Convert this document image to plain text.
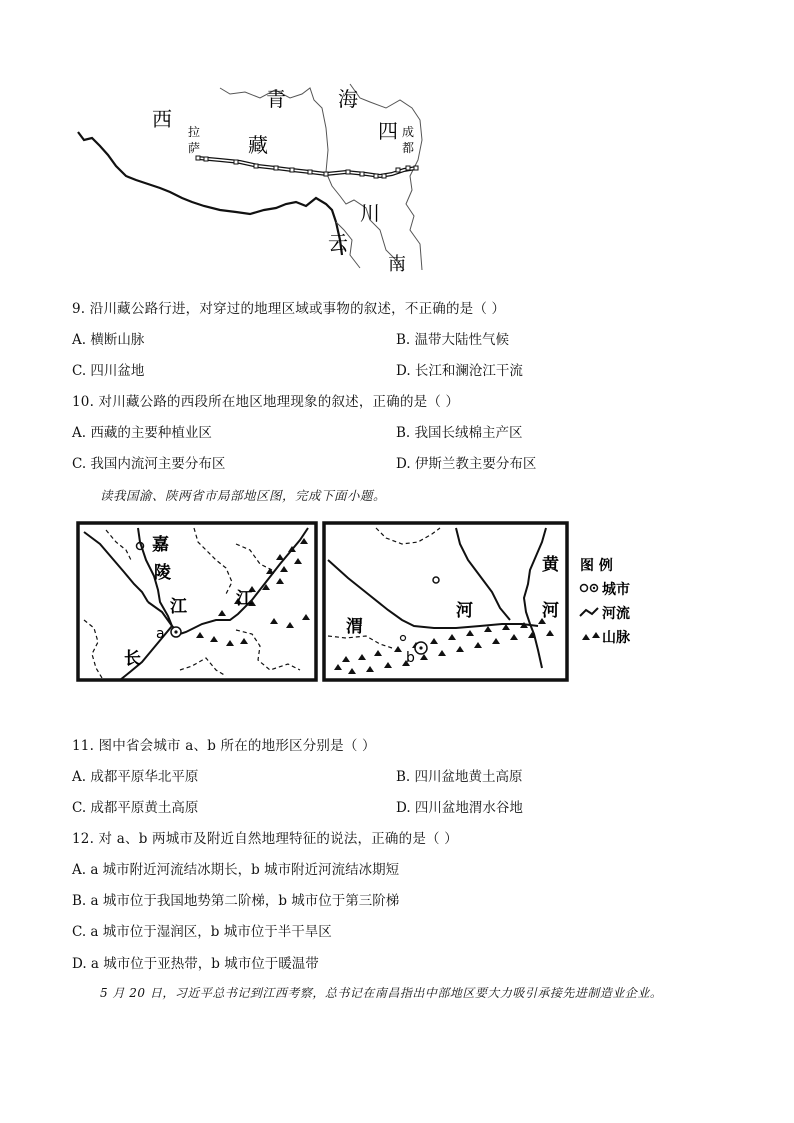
西
藏
青	海
四
川
云
南
拉
萨
成
都
9. 沿川藏公路行进，对穿过的地理区域或事物的叙述，不正确的是（ ）
A. 横断山脉	B. 温带大陆性气候
C. 四川盆地	D. 长江和澜沧江干流
10. 对川藏公路的西段所在地区地理现象的叙述，正确的是（ ）
A. 西藏的主要种植业区	B. 我国长绒棉主产区
C. 我国内流河主要分布区	D. 伊斯兰教主要分布区
读我国渝、陕两省市局部地区图，完成下面小题。
嘉
陵
江	江
长
a
黄
河	河
渭
b
图 例
城市
河流
山脉
11. 图中省会城市 a、b 所在的地形区分别是（ ）
A. 成都平原华北平原	B. 四川盆地黄土高原
C. 成都平原黄土高原	D. 四川盆地渭水谷地
12. 对 a、b 两城市及附近自然地理特征的说法，正确的是（ ）
A. a 城市附近河流结冰期长，b 城市附近河流结冰期短
B. a 城市位于我国地势第二阶梯，b 城市位于第三阶梯
C. a 城市位于湿润区，b 城市位于半干旱区
D. a 城市位于亚热带，b 城市位于暖温带
5 月 20 日，习近平总书记到江西考察，总书记在南昌指出中部地区要大力吸引承接先进制造业企业。
